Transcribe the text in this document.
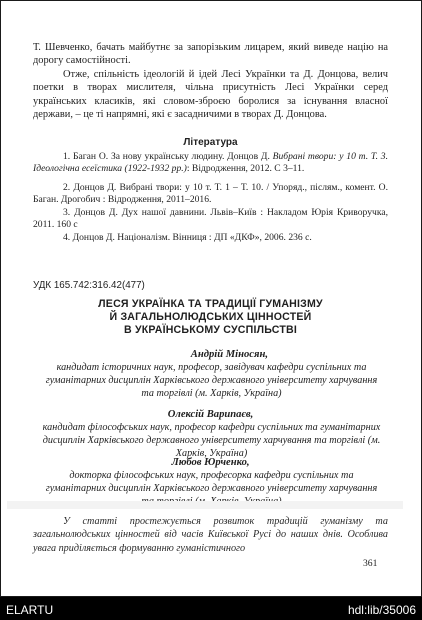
Т. Шевченко, бачать майбутнє за запорізьким лицарем, який виведе націю на дорогу самостійності.
Отже, спільність ідеологій й ідей Лесі Українки та Д. Донцова, велич поетки в творах мислителя, чільна присутність Лесі Українки серед українських класиків, які словом-зброєю боролися за існування власної держави, – це ті напрямні, які є засадничими в творах Д. Донцова.
Література
1. Баган О. За нову українську людину. Донцов Д. Вибрані твори: у 10 т. Т. 3. Ідеологічна есеїстика (1922-1932 рр.): Відродження, 2012. С 3–11.
2. Донцов Д. Вибрані твори: у 10 т. Т. 1 – Т. 10. / Упоряд., післям., комент. О. Баган. Дрогобич : Відродження, 2011–2016.
3. Донцов Д. Дух нашої давнини. Львів–Київ : Накладом Юрія Криворучка, 2011. 160 с
4. Донцов Д. Націоналізм. Вінниця : ДП «ДКФ», 2006. 236 с.
УДК 165.742:316.42(477)
ЛЕСЯ УКРАЇНКА ТА ТРАДИЦІЇ ГУМАНІЗМУ
Й ЗАГАЛЬНОЛЮДСЬКИХ ЦІННОСТЕЙ
В УКРАЇНСЬКОМУ СУСПІЛЬСТВІ
Андрій Міносян,
кандидат історичних наук, професор, завідувач кафедри суспільних та гуманітарних дисциплін Харківського державного університету харчування та торгівлі (м. Харків, Україна)
Олексій Варипаєв,
кандидат філософських наук, професор кафедри суспільних та гуманітарних дисциплін Харківського державного університету харчування та торгівлі (м. Харків, Україна)
Любов Юрченко,
докторка філософських наук, професорка кафедри суспільних та гуманітарних дисциплін Харківського державного університету харчування
У статті простежується розвиток традицій гуманізму та загальнолюдських цінностей від часів Київської Русі до наших днів. Особлива увага приділяється формуванню гуманістичного
361
ELARTU	hdl:lib/35006
